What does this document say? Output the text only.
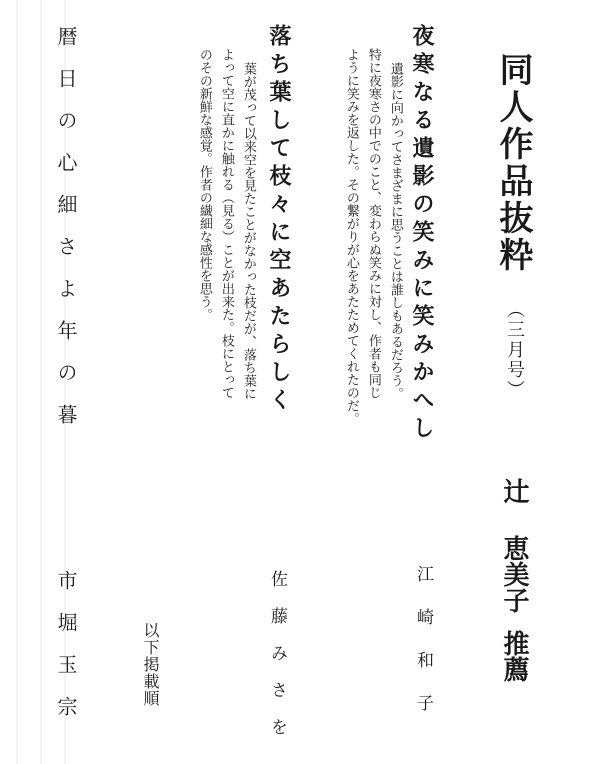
同人作品抜粋
（三月号）
辻
恵美子
推薦
夜寒なる遺影の笑みに笑みかへし
遺影に向かってさまざまに思うことは誰しもあるだろう。
特に夜寒さの中でのこと、変わらぬ笑みに対し、作者も同じ
ように笑みを返した。その繋がりが心をあたためてくれたのだ。
江崎和子
落ち葉して枝々に空あたらしく
葉が茂って以来空を見たことがなかった枝だが、落ち葉に
よって空に直かに触れる（見る）ことが出来た。枝にとって
のその新鮮な感覚。作者の繊細な感性を思う。
佐藤みさを
以下掲載順
暦日の心細さよ年の暮
市堀玉宗
